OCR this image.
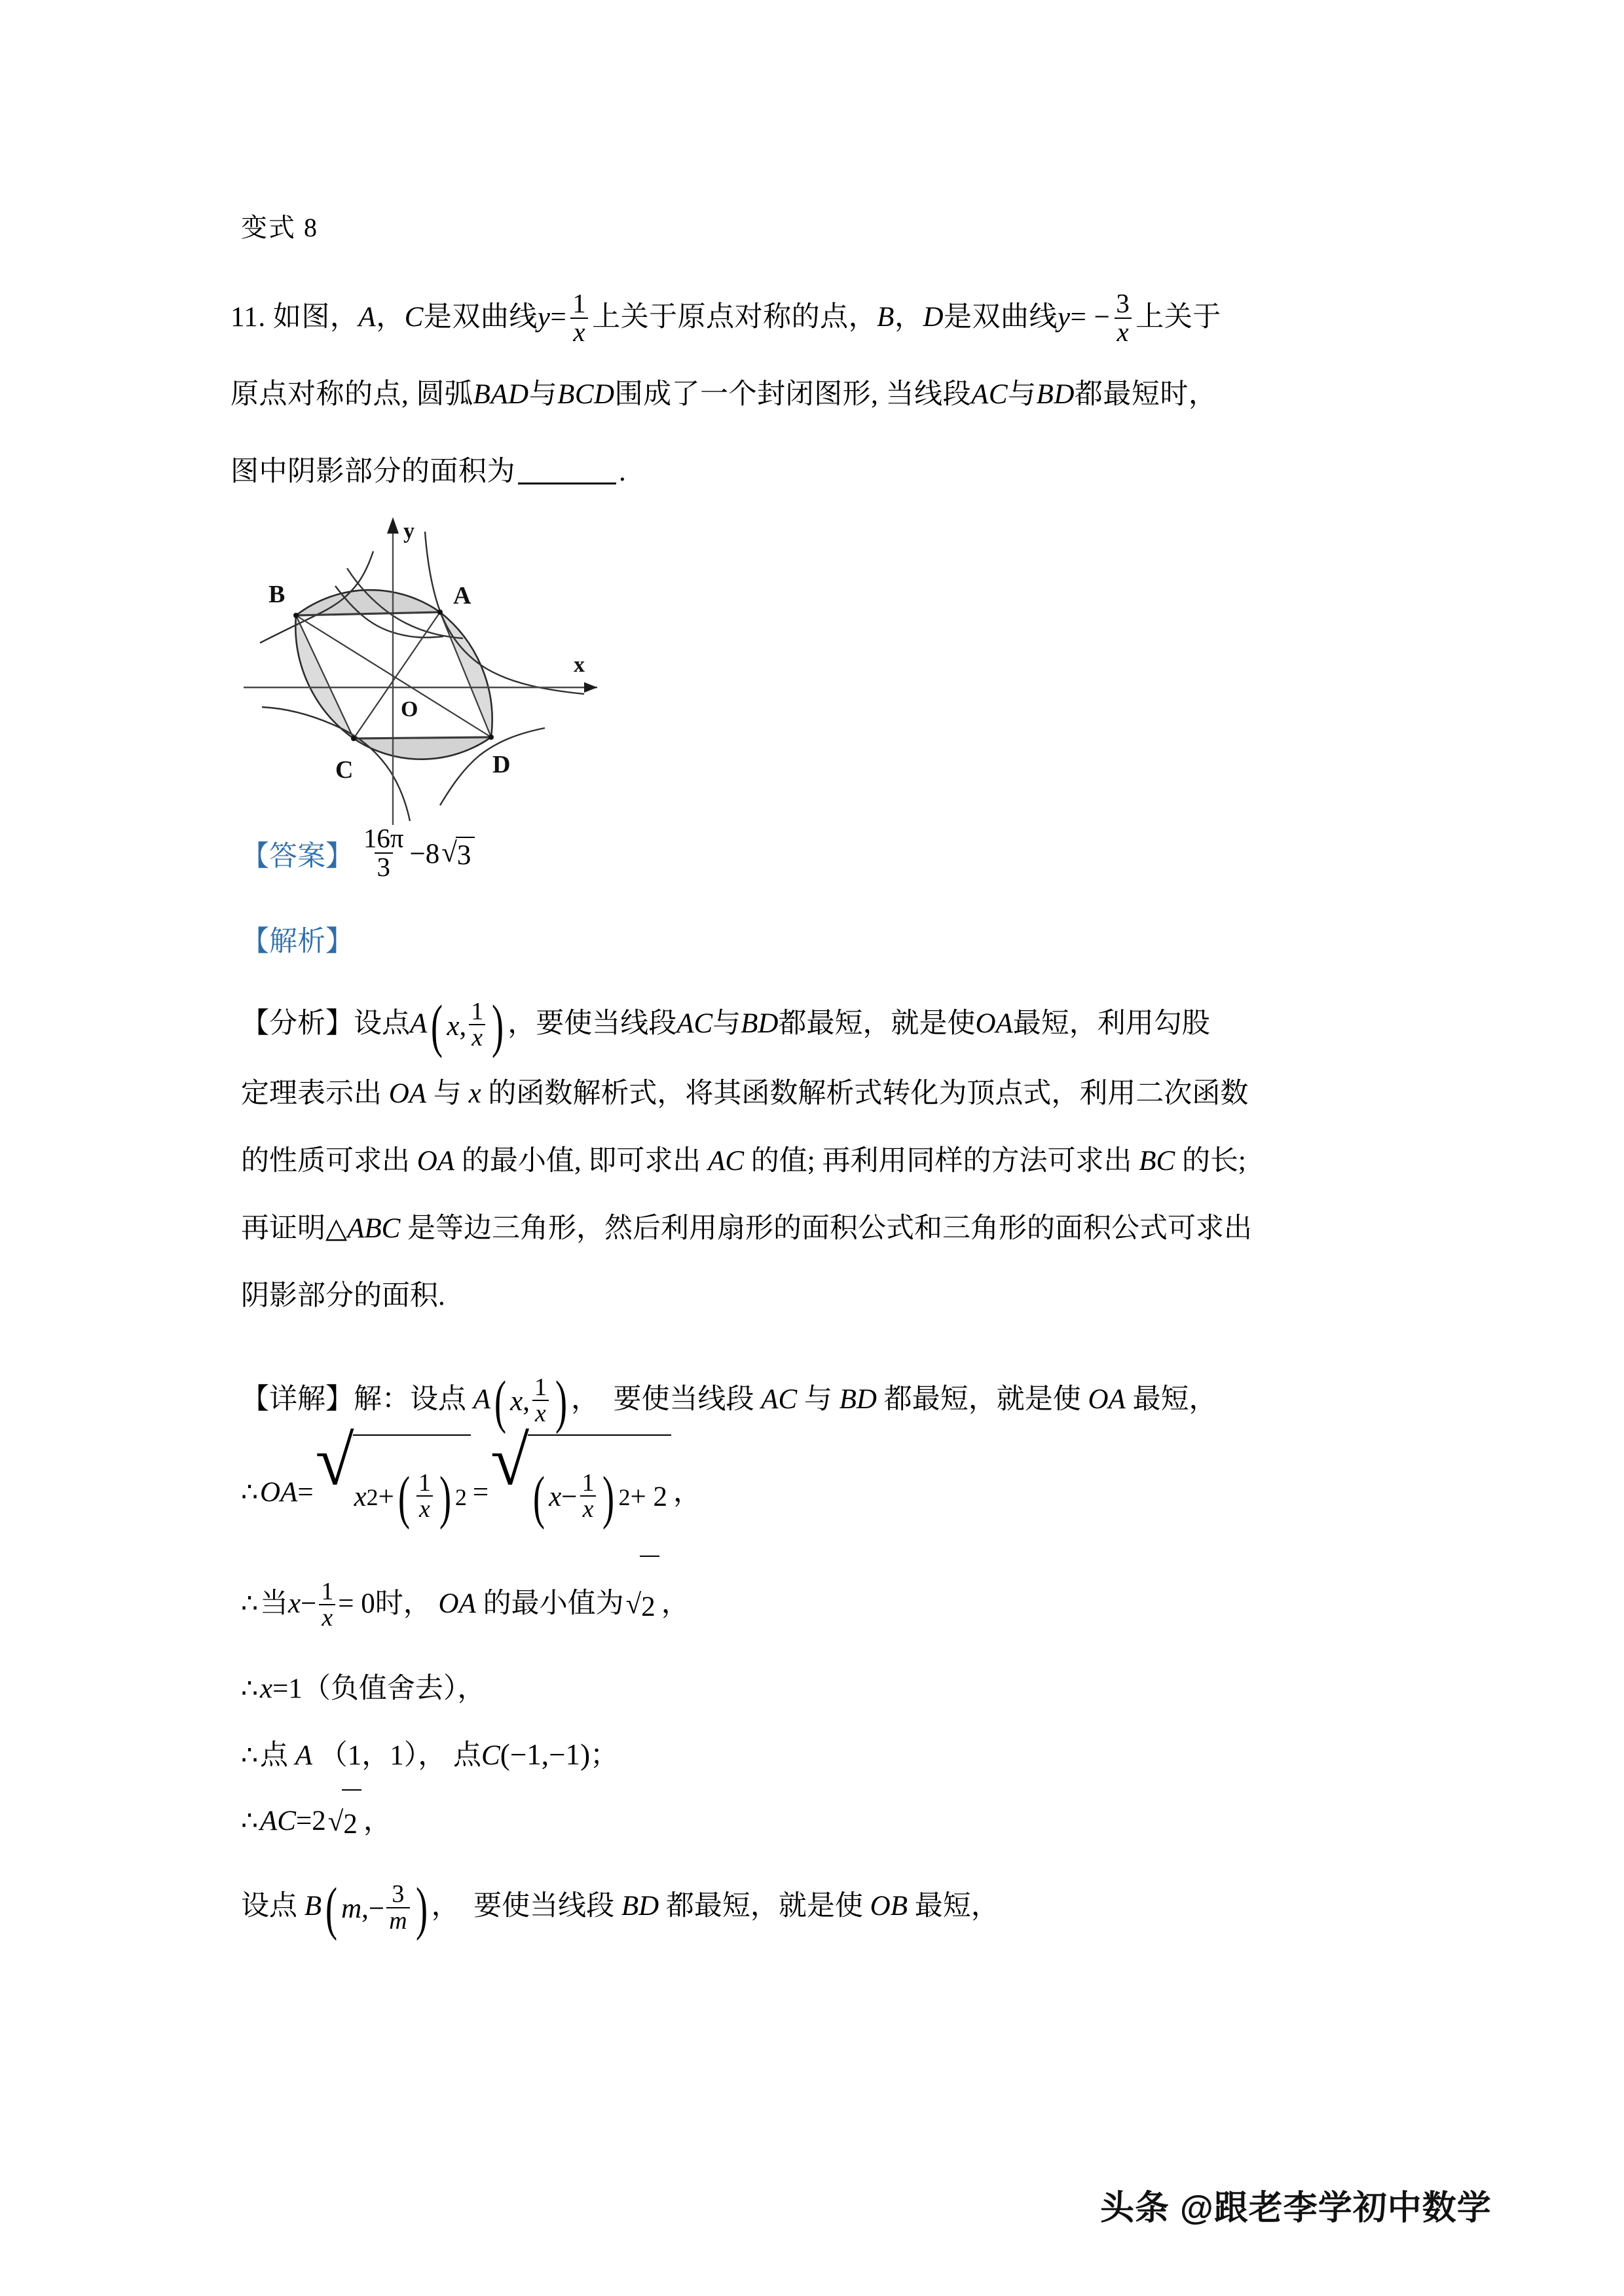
变式 8
11. 如图，A，C是双曲线$y= \frac{1}{x}$ 上关于原点对称的点，B，D是双曲线$y= - \frac{3}{x}$ 上关于
原点对称的点, 圆弧BAD与BCD围成了一个封闭图形, 当线段AC与BD都最短时，
图中阴影部分的面积为	.
B	A
C	D
O
x
y
【答案】 $\frac{16\pi}{3} - 8$ √ 3
【解析】
【分析】设点A ( x , $\frac{1}{x}$ ) ，要使当线段AC与BD都最短，就是使OA最短，利用勾股
定理表示出 OA 与 x 的函数解析式，将其函数解析式转化为顶点式，利用二次函数
的性质可求出 OA 的最小值, 即可求出 AC 的值; 再利用同样的方法可求出 BC 的长;
再证明△ABC 是等边三角形，然后利用扇形的面积公式和三角形的面积公式可求出
阴影部分的面积.
【详解】解：设点 A ( x , $\frac{1}{x}$ ) ， 要使当线段 AC 与 BD 都最短，就是使 OA 最短，
∴OA= √ x 2 + ( $\frac{1}{x}$ ) 2 = √ ( $x - \frac{1}{x}$ ) 2 + 2 ，
∴当$x- \frac{1}{x} = 0$时， OA 的最小值为 √ 2 ，
∴x=1（负值舍去），
∴点 A （1，1）， 点C(−1,−1)；
∴AC=2 √ 2 ，
设点 B ( m ,− $\frac{3}{m}$ ) ， 要使当线段 BD 都最短，就是使 OB 最短，
头条 @跟老李学初中数学
